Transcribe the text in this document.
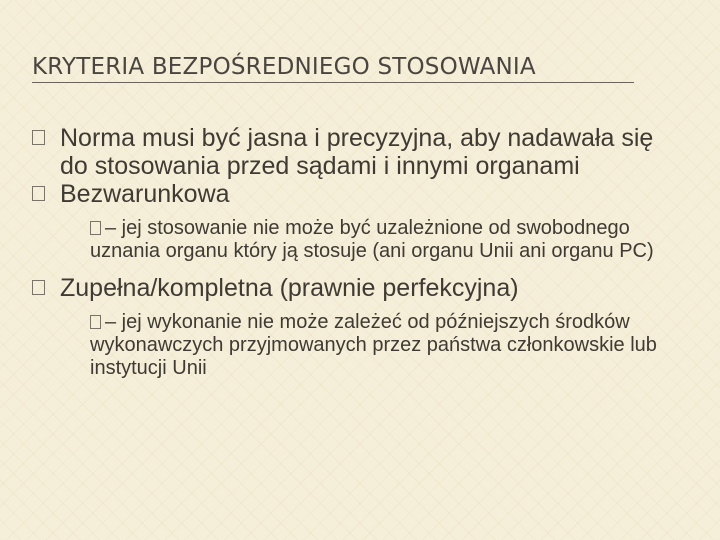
KRYTERIA BEZPOŚREDNIEGO STOSOWANIA
Norma musi być jasna i precyzyjna, aby nadawała się do stosowania przed sądami i innymi organami
Bezwarunkowa
– jej stosowanie nie może być uzależnione od swobodnego uznania organu który ją stosuje (ani organu Unii ani organu PC)
Zupełna/kompletna (prawnie perfekcyjna)
– jej wykonanie nie może zależeć od późniejszych środków wykonawczych przyjmowanych przez państwa członkowskie lub instytucji Unii
